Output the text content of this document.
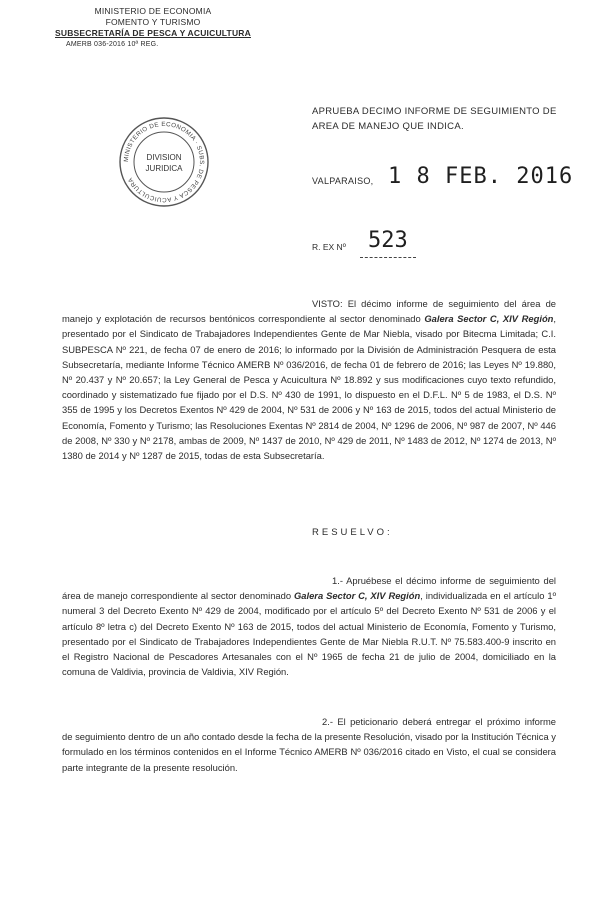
MINISTERIO DE ECONOMIA
FOMENTO Y TURISMO
SUBSECRETARÍA DE PESCA Y ACUICULTURA
AMERB 036-2016 10ª REG.
MINISTERIO DE ECONOMIA · SUBS. DE PESCA Y ACUICULTURA
DIVISION
JURIDICA
APRUEBA DECIMO INFORME DE SEGUIMIENTO DE AREA DE MANEJO QUE INDICA.
VALPARAISO, 1 8 FEB. 2016
R. EX Nº 523
VISTO: El décimo informe de seguimiento del área de manejo y explotación de recursos bentónicos correspondiente al sector denominado Galera Sector C, XIV Región, presentado por el Sindicato de Trabajadores Independientes Gente de Mar Niebla, visado por Bitecma Limitada; C.I. SUBPESCA Nº 221, de fecha 07 de enero de 2016; lo informado por la División de Administración Pesquera de esta Subsecretaría, mediante Informe Técnico AMERB Nº 036/2016, de fecha 01 de febrero de 2016; las Leyes Nº 19.880, Nº 20.437 y Nº 20.657; la Ley General de Pesca y Acuicultura Nº 18.892 y sus modificaciones cuyo texto refundido, coordinado y sistematizado fue fijado por el D.S. Nº 430 de 1991, lo dispuesto en el D.F.L. Nº 5 de 1983, el D.S. Nº 355 de 1995 y los Decretos Exentos Nº 429 de 2004, Nº 531 de 2006 y Nº 163 de 2015, todos del actual Ministerio de Economía, Fomento y Turismo; las Resoluciones Exentas Nº 2814 de 2004, Nº 1296 de 2006, Nº 987 de 2007, Nº 446 de 2008, Nº 330 y Nº 2178, ambas de 2009, Nº 1437 de 2010, Nº 429 de 2011, Nº 1483 de 2012, Nº 1274 de 2013, Nº 1380 de 2014 y Nº 1287 de 2015, todas de esta Subsecretaría.
RESUELVO:
1.- Apruébese el décimo informe de seguimiento del área de manejo correspondiente al sector denominado Galera Sector C, XIV Región, individualizada en el artículo 1º numeral 3 del Decreto Exento Nº 429 de 2004, modificado por el artículo 5º del Decreto Exento Nº 531 de 2006 y el artículo 8º letra c) del Decreto Exento Nº 163 de 2015, todos del actual Ministerio de Economía, Fomento y Turismo, presentado por el Sindicato de Trabajadores Independientes Gente de Mar Niebla R.U.T. Nº 75.583.400-9 inscrito en el Registro Nacional de Pescadores Artesanales con el Nº 1965 de fecha 21 de julio de 2004, domiciliado en la comuna de Valdivia, provincia de Valdivia, XIV Región.
2.- El peticionario deberá entregar el próximo informe de seguimiento dentro de un año contado desde la fecha de la presente Resolución, visado por la Institución Técnica y formulado en los términos contenidos en el Informe Técnico AMERB Nº 036/2016 citado en Visto, el cual se considera parte integrante de la presente resolución.
